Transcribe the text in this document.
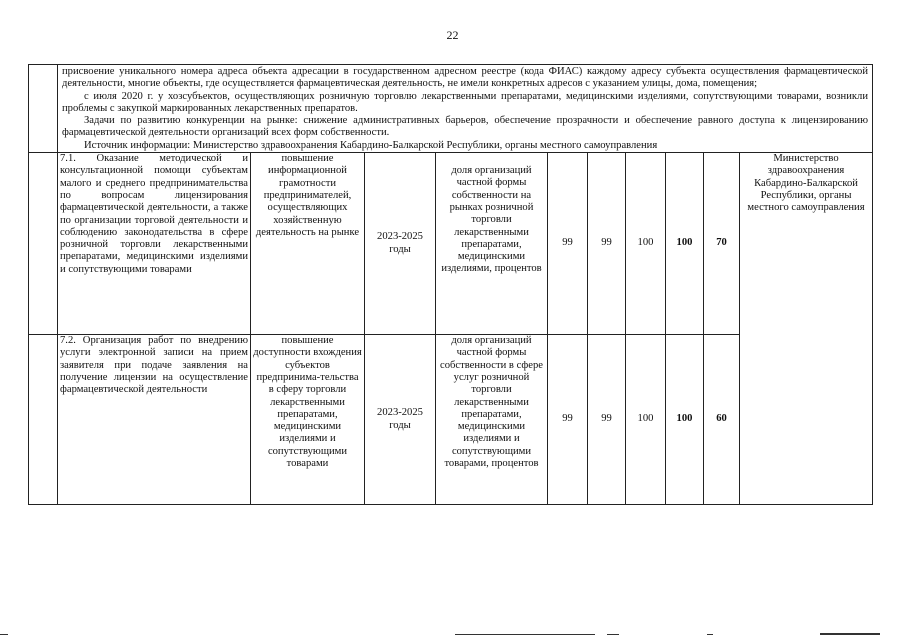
22

	присвоение уникального номера адреса объекта адресации в государственном адресном реестре (кода ФИАС) каждому адресу субъекта осуществления фармацевтической деятельности, многие объекты, где осуществляется фармацевтическая деятельность, не имели конкретных адресов с указанием улицы, дома, помещения;
с июля 2020 г. у хозсубъектов, осуществляющих розничную торговлю лекарственными препаратами, медицинскими изделиями, сопутствующими товарами, возникли проблемы с закупкой маркированных лекарственных препаратов.
Задачи по развитию конкуренции на рынке: снижение административных барьеров, обеспечение прозрачности и обеспечение равного доступа к лицензированию фармацевтической деятельности организаций всех форм собственности.
Источник информации: Министерство здравоохранения Кабардино-Балкарской Республики, органы местного самоуправления									

	7.1. Оказание методической и консультационной помощи субъектам малого и среднего предпринимательства по вопросам лицензирования фармацевтической деятельности, а также по организации торговой деятельности и соблюдению законодательства в сфере розничной торговли лекарственными препаратами, медицинскими изделиями и сопутствующими товарами	повышение информационной грамотности предпринимателей, осуществляющих хозяйственную деятельность на рынке	2023-2025 годы	доля организаций частной формы собственности на рынках розничной торговли лекарственными препаратами, медицинскими изделиями, процентов	99	99	100	100	70	Министерство здравоохранения Кабардино-Балкарской Республики, органы местного самоуправления
	7.2. Организация работ по внедрению услуги электронной записи на прием заявителя при подаче заявления на получение лицензии на осуществление фармацевтической деятельности	повышение доступности вхождения субъектов предпринима-тельства в сферу торговли лекарственными препаратами, медицинскими изделиями и сопутствующими товарами	2023-2025 годы	доля организаций частной формы собственности в сфере услуг розничной торговли лекарственными препаратами, медицинскими изделиями и сопутствующими товарами, процентов	99	99	100	100	60	
